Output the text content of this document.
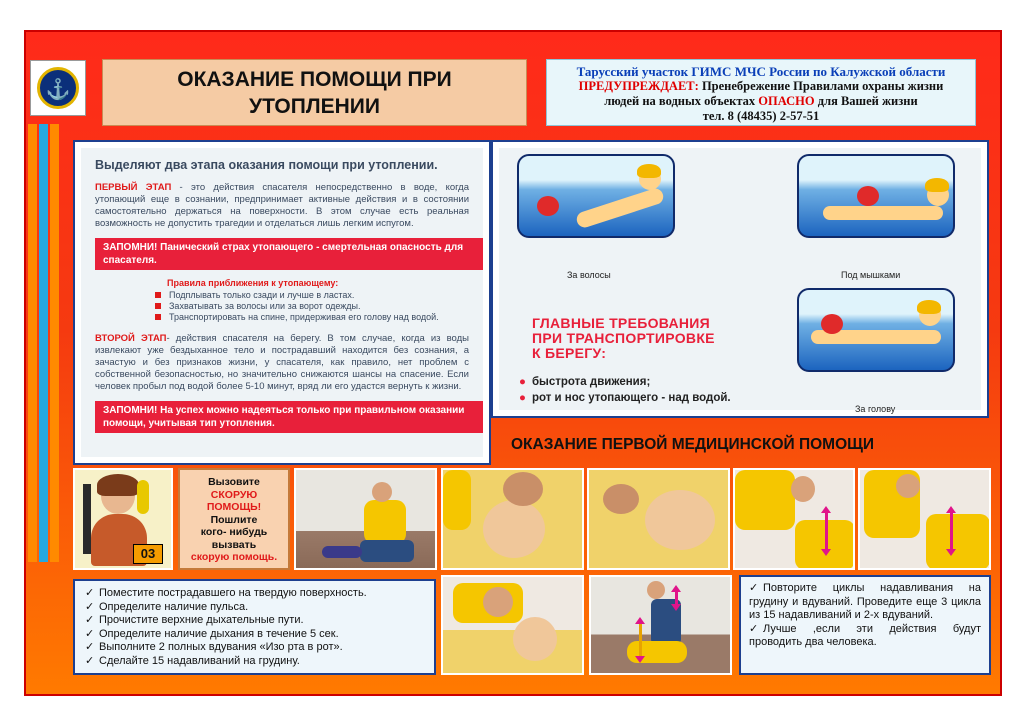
⚓	ОКАЗАНИЕ ПОМОЩИ ПРИ
УТОПЛЕНИИ
Тарусский участок ГИМС МЧС России по Калужской области
ПРЕДУПРЕЖДАЕТ: Пренебрежение Правилами охраны жизни
людей на водных объектах ОПАСНО для Вашей жизни
тел. 8 (48435) 2-57-51
Выделяют два этапа оказания помощи при утоплении.

ПЕРВЫЙ ЭТАП - это действия спасателя непосредственно в воде, когда утопающий еще в сознании, предпринимает активные действия и в состоянии самостоятельно держаться на поверхности. В этом случае есть реальная возможность не допустить трагедии и отделаться лишь легким испугом.

ЗАПОМНИ! Панический страх утопающего - смертельная опасность для спасателя.
Правила приближения к утопающему:
Подплывать только сзади и лучше в ластах.
Захватывать за волосы или за ворот одежды.
Транспортировать на спине, придерживая его голову над водой.

ВТОРОЙ ЭТАП- действия спасателя на берегу. В том случае, когда из воды извлекают уже бездыханное тело и пострадавший находится без сознания, а зачастую и без признаков жизни, у спасателя, как правило, нет проблем с собственной безопасностью, но значительно снижаются шансы на спасение. Если человек пробыл под водой более 5-10 минут, вряд ли его удастся вернуть к жизни.

ЗАПОМНИ! На успех можно надеяться только при правильном оказании помощи, учитывая тип утопления.
За волосы	Под мышками
За голову
ГЛАВНЫЕ ТРЕБОВАНИЯ
ПРИ ТРАНСПОРТИРОВКЕ
К БЕРЕГУ:
● быстрота движения;
● рот и нос утопающего - над водой.
ОКАЗАНИЕ ПЕРВОЙ МЕДИЦИНСКОЙ ПОМОЩИ
03
Вызовите
СКОРУЮ
ПОМОЩЬ!
Пошлите
кого- нибудь
вызвать
скорую помощь.
✓ Поместите пострадавшего на твердую поверхность.
✓ Определите наличие пульса.
✓ Прочистите верхние дыхательные пути.
✓ Определите наличие дыхания в течение 5 сек.
✓ Выполните 2 полных вдувания «Изо рта в рот».
✓ Сделайте 15 надавливаний на грудину.
✓ Повторите циклы надавливания на грудину и вдуваний. Проведите еще 3 цикла из 15 надавливаний и 2-х вдуваний.
✓ Лучше ,если эти действия будут проводить два человека.
